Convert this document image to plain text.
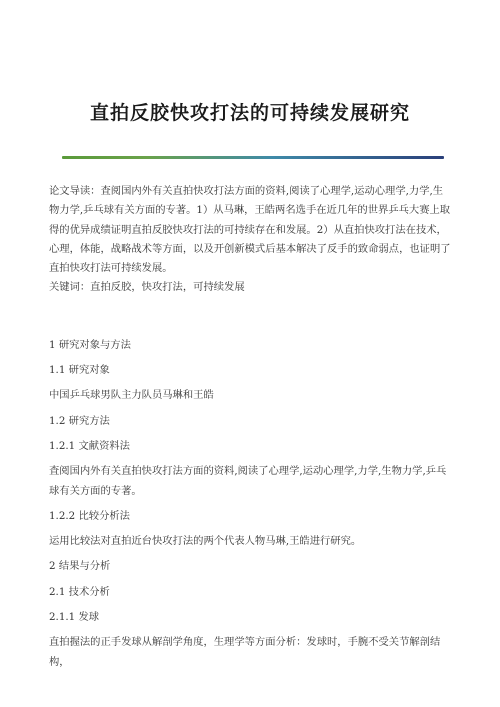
直拍反胶快攻打法的可持续发展研究

论文导读：査阅国内外有关直拍快攻打法方面的资料,阅读了心理学,运动心理学,力学,生物力学,乒乓球有关方面的专著。1）从马琳，王皓两名选手在近几年的世界乒乓大赛上取得的优异成绩证明直拍反胶快攻打法的可持续存在和发展。2）从直拍快攻打法在技术，心理，体能，战略战术等方面，以及开创新模式后基本解决了反手的致命弱点，也证明了直拍快攻打法可持续发展。

关键词：直拍反胶，快攻打法，可持续发展

1 研究对象与方法

1.1 研究对象

中国乒乓球男队主力队员马琳和王皓

1.2 研究方法

1.2.1 文献资料法

査阅国内外有关直拍快攻打法方面的资料,阅读了心理学,运动心理学,力学,生物力学,乒乓球有关方面的专著。

1.2.2 比较分析法

运用比较法对直拍近台快攻打法的两个代表人物马琳,王皓进行研究。

2 结果与分析

2.1 技术分析

2.1.1 发球

直拍握法的正手发球从解剖学角度，生理学等方面分析：发球时，手腕不受关节解剖结构，
